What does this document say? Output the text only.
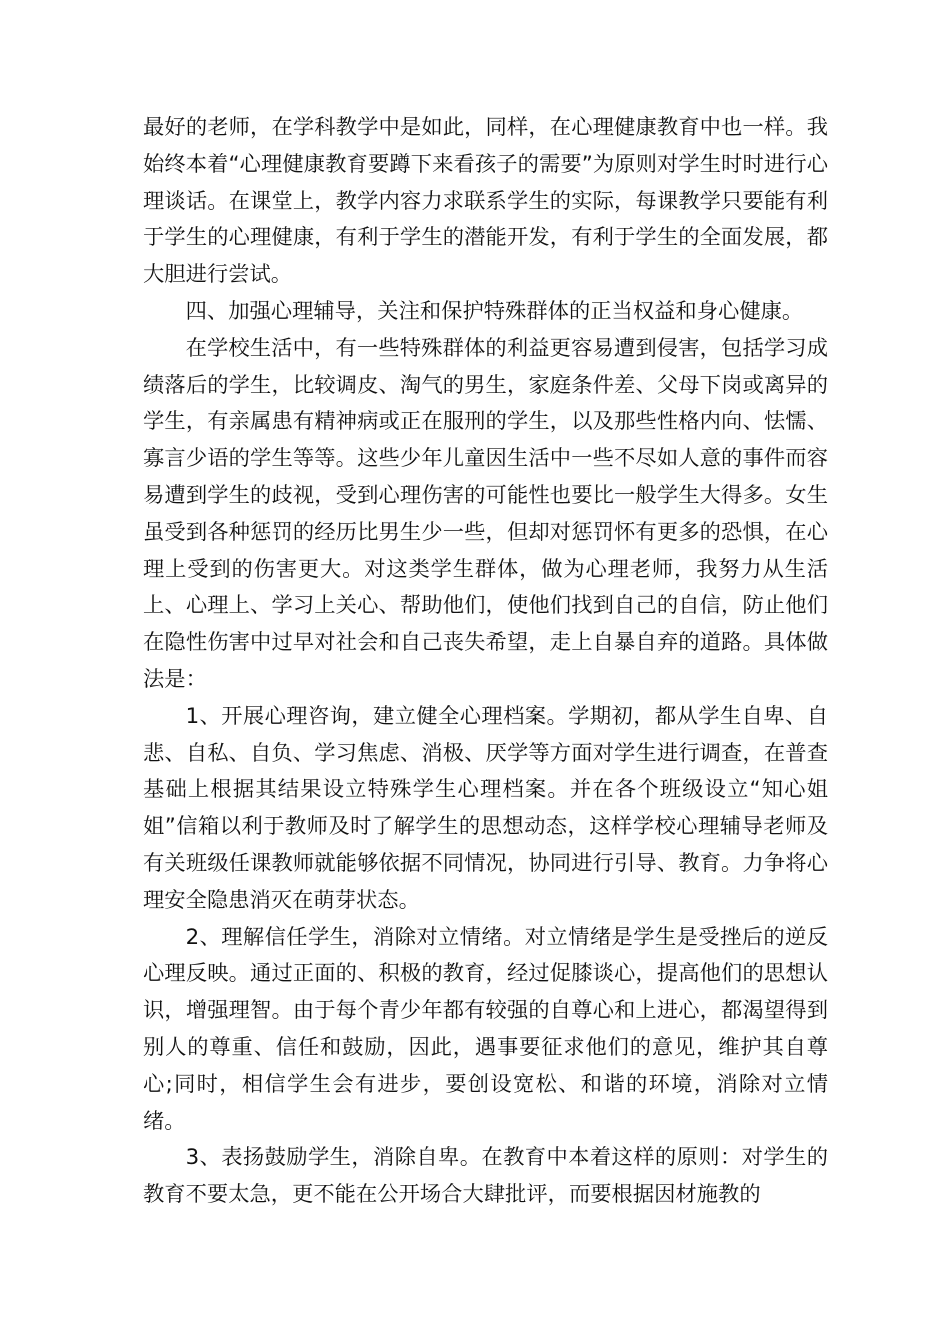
最好的老师，在学科教学中是如此，同样，在心理健康教育中也一样。我始终本着“心理健康教育要蹲下来看孩子的需要”为原则对学生时时进行心理谈话。在课堂上，教学内容力求联系学生的实际，每课教学只要能有利于学生的心理健康，有利于学生的潜能开发，有利于学生的全面发展，都大胆进行尝试。

四、加强心理辅导，关注和保护特殊群体的正当权益和身心健康。

在学校生活中，有一些特殊群体的利益更容易遭到侵害，包括学习成绩落后的学生，比较调皮、淘气的男生，家庭条件差、父母下岗或离异的学生，有亲属患有精神病或正在服刑的学生，以及那些性格内向、怯懦、寡言少语的学生等等。这些少年儿童因生活中一些不尽如人意的事件而容易遭到学生的歧视，受到心理伤害的可能性也要比一般学生大得多。女生虽受到各种惩罚的经历比男生少一些，但却对惩罚怀有更多的恐惧，在心理上受到的伤害更大。对这类学生群体，做为心理老师，我努力从生活上、心理上、学习上关心、帮助他们，使他们找到自己的自信，防止他们在隐性伤害中过早对社会和自己丧失希望，走上自暴自弃的道路。具体做法是：

1、开展心理咨询，建立健全心理档案。学期初，都从学生自卑、自悲、自私、自负、学习焦虑、消极、厌学等方面对学生进行调查，在普查基础上根据其结果设立特殊学生心理档案。并在各个班级设立“知心姐姐”信箱以利于教师及时了解学生的思想动态，这样学校心理辅导老师及有关班级任课教师就能够依据不同情况，协同进行引导、教育。力争将心理安全隐患消灭在萌芽状态。

2、理解信任学生，消除对立情绪。对立情绪是学生是受挫后的逆反心理反映。通过正面的、积极的教育，经过促膝谈心，提高他们的思想认识，增强理智。由于每个青少年都有较强的自尊心和上进心，都渴望得到别人的尊重、信任和鼓励，因此，遇事要征求他们的意见，维护其自尊心;同时，相信学生会有进步，要创设宽松、和谐的环境，消除对立情绪。

3、表扬鼓励学生，消除自卑。在教育中本着这样的原则：对学生的教育不要太急，更不能在公开场合大肆批评，而要根据因材施教的
